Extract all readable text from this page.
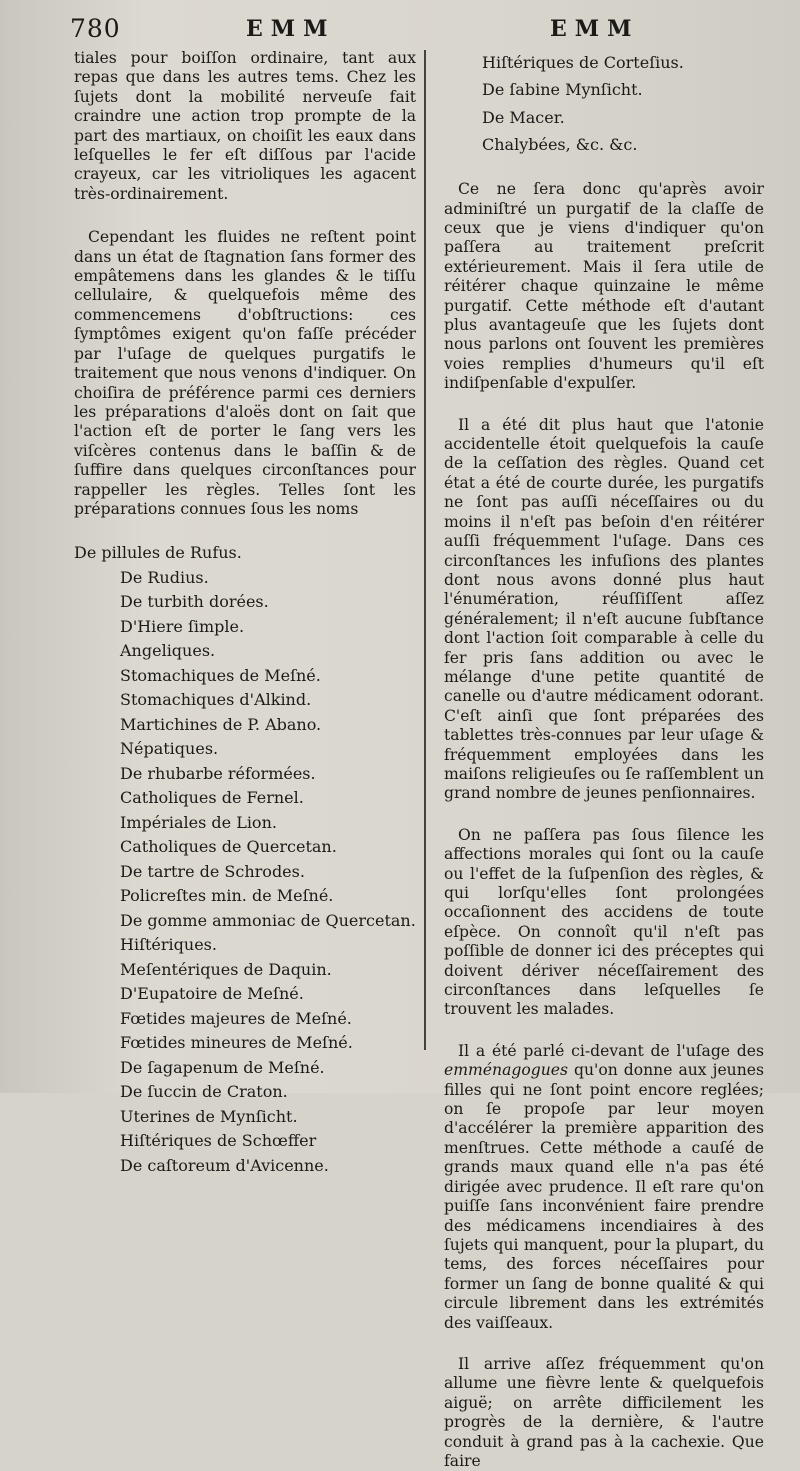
780	EMM	EMM

tiales pour boiſſon ordinaire, tant aux repas que dans les autres tems. Chez les ſujets dont la mobilité nerveuſe fait craindre une action trop prompte de la part des martiaux, on choiſit les eaux dans leſquelles le fer eſt diſſous par l'acide crayeux, car les vitrioliques les agacent très-ordinairement.

Cependant les fluides ne reſtent point dans un état de ſtagnation ſans former des empâtemens dans les glandes & le tiſſu cellulaire, & quelquefois même des commencemens d'obſtructions: ces ſymptômes exigent qu'on faſſe précéder par l'uſage de quelques purgatifs le traitement que nous venons d'indiquer. On choiſira de préférence parmi ces derniers les préparations d'aloës dont on ſait que l'action eſt de porter le ſang vers les viſcères contenus dans le baſſin & de ſuffire dans quelques circonſtances pour rappeller les règles. Telles ſont les préparations connues ſous les noms

De pillules de Rufus.

De Rudius.
De turbith dorées.
D'Hiere ſimple.
Angeliques.
Stomachiques de Meſné.
Stomachiques d'Alkind.
Martichines de P. Abano.
Népatiques.
De rhubarbe réformées.
Catholiques de Fernel.
Impériales de Lion.
Catholiques de Quercetan.
De tartre de Schrodes.
Policreſtes min. de Meſné.
De gomme ammoniac de Quercetan.
Hiſtériques.
Meſentériques de Daquin.
D'Eupatoire de Meſné.
Fœtides majeures de Meſné.
Fœtides mineures de Meſné.
De ſagapenum de Meſné.
De ſuccin de Craton.
Uterines de Mynſicht.
Hiſtériques de Schœffer
De caſtoreum d'Avicenne.
Hiſtériques de Corteſius.
De ſabine Mynſicht.
De Macer.
Chalybées, &c. &c.

Ce ne ſera donc qu'après avoir adminiſtré un purgatif de la claſſe de ceux que je viens d'indiquer qu'on paſſera au traitement preſcrit extérieurement. Mais il ſera utile de réitérer chaque quinzaine le même purgatif. Cette méthode eſt d'autant plus avantageuſe que les ſujets dont nous parlons ont ſouvent les premières voies remplies d'humeurs qu'il eſt indiſpenſable d'expulſer.

Il a été dit plus haut que l'atonie accidentelle étoit quelquefois la cauſe de la ceſſation des règles. Quand cet état a été de courte durée, les purgatifs ne ſont pas auſſi néceſſaires ou du moins il n'eſt pas beſoin d'en réitérer auſſi fréquemment l'uſage. Dans ces circonſtances les infuſions des plantes dont nous avons donné plus haut l'énumération, réuſſiſſent aſſez généralement; il n'eſt aucune ſubſtance dont l'action ſoit comparable à celle du fer pris ſans addition ou avec le mélange d'une petite quantité de canelle ou d'autre médicament odorant. C'eſt ainſi que ſont préparées des tablettes très-connues par leur uſage & fréquemment employées dans les maiſons religieuſes ou ſe raſſemblent un grand nombre de jeunes penſionnaires.

On ne paſſera pas ſous ſilence les affections morales qui ſont ou la cauſe ou l'effet de la ſuſpenſion des règles, & qui lorſqu'elles ſont prolongées occaſionnent des accidens de toute eſpèce. On connoît qu'il n'eſt pas poſſible de donner ici des préceptes qui doivent dériver néceſſairement des circonſtances dans leſquelles ſe trouvent les malades.

Il a été parlé ci-devant de l'uſage des emménagogues qu'on donne aux jeunes filles qui ne ſont point encore reglées; on ſe propoſe par leur moyen d'accélérer la première apparition des menſtrues. Cette méthode a cauſé de grands maux quand elle n'a pas été dirigée avec prudence. Il eſt rare qu'on puiſſe ſans inconvénient faire prendre des médicamens incendiaires à des ſujets qui manquent, pour la plupart, du tems, des forces néceſſaires pour former un ſang de bonne qualité & qui circule librement dans les extrémités des vaiſſeaux.

Il arrive aſſez fréquemment qu'on allume une fièvre lente & quelquefois aiguë; on arrête difficilement les progrès de la dernière, & l'autre conduit à grand pas à la cachexie. Que faire
